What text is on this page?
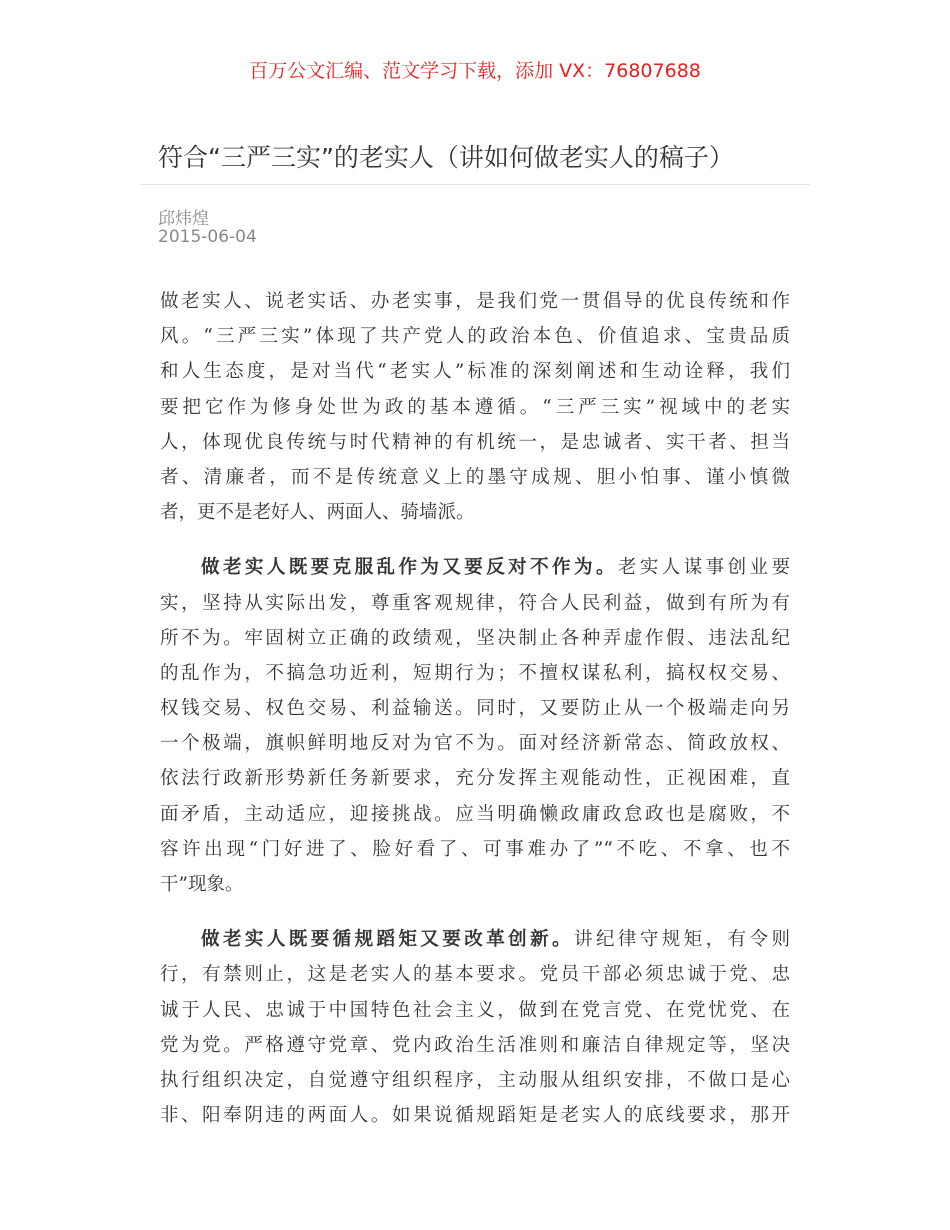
百万公文汇编、范文学习下载，添加 VX：76807688
符合“三严三实”的老实人（讲如何做老实人的稿子）
邱炜煌
2015-06-04
做老实人、说老实话、办老实事，是我们党一贯倡导的优良传统和作
风。“三严三实”体现了共产党人的政治本色、价值追求、宝贵品质
和人生态度，是对当代“老实人”标准的深刻阐述和生动诠释，我们
要把它作为修身处世为政的基本遵循。“三严三实”视域中的老实
人，体现优良传统与时代精神的有机统一，是忠诚者、实干者、担当
者、清廉者，而不是传统意义上的墨守成规、胆小怕事、谨小慎微
者，更不是老好人、两面人、骑墙派。
做老实人既要克服乱作为又要反对不作为。老实人谋事创业要
实，坚持从实际出发，尊重客观规律，符合人民利益，做到有所为有
所不为。牢固树立正确的政绩观，坚决制止各种弄虚作假、违法乱纪
的乱作为，不搞急功近利，短期行为；不擅权谋私利，搞权权交易、
权钱交易、权色交易、利益输送。同时，又要防止从一个极端走向另
一个极端，旗帜鲜明地反对为官不为。面对经济新常态、简政放权、
依法行政新形势新任务新要求，充分发挥主观能动性，正视困难，直
面矛盾，主动适应，迎接挑战。应当明确懒政庸政怠政也是腐败，不
容许出现“门好进了、脸好看了、可事难办了”“不吃、不拿、也不
干”现象。
做老实人既要循规蹈矩又要改革创新。讲纪律守规矩，有令则
行，有禁则止，这是老实人的基本要求。党员干部必须忠诚于党、忠
诚于人民、忠诚于中国特色社会主义，做到在党言党、在党忧党、在
党为党。严格遵守党章、党内政治生活准则和廉洁自律规定等，坚决
执行组织决定，自觉遵守组织程序，主动服从组织安排，不做口是心
非、阳奉阴违的两面人。如果说循规蹈矩是老实人的底线要求，那开
